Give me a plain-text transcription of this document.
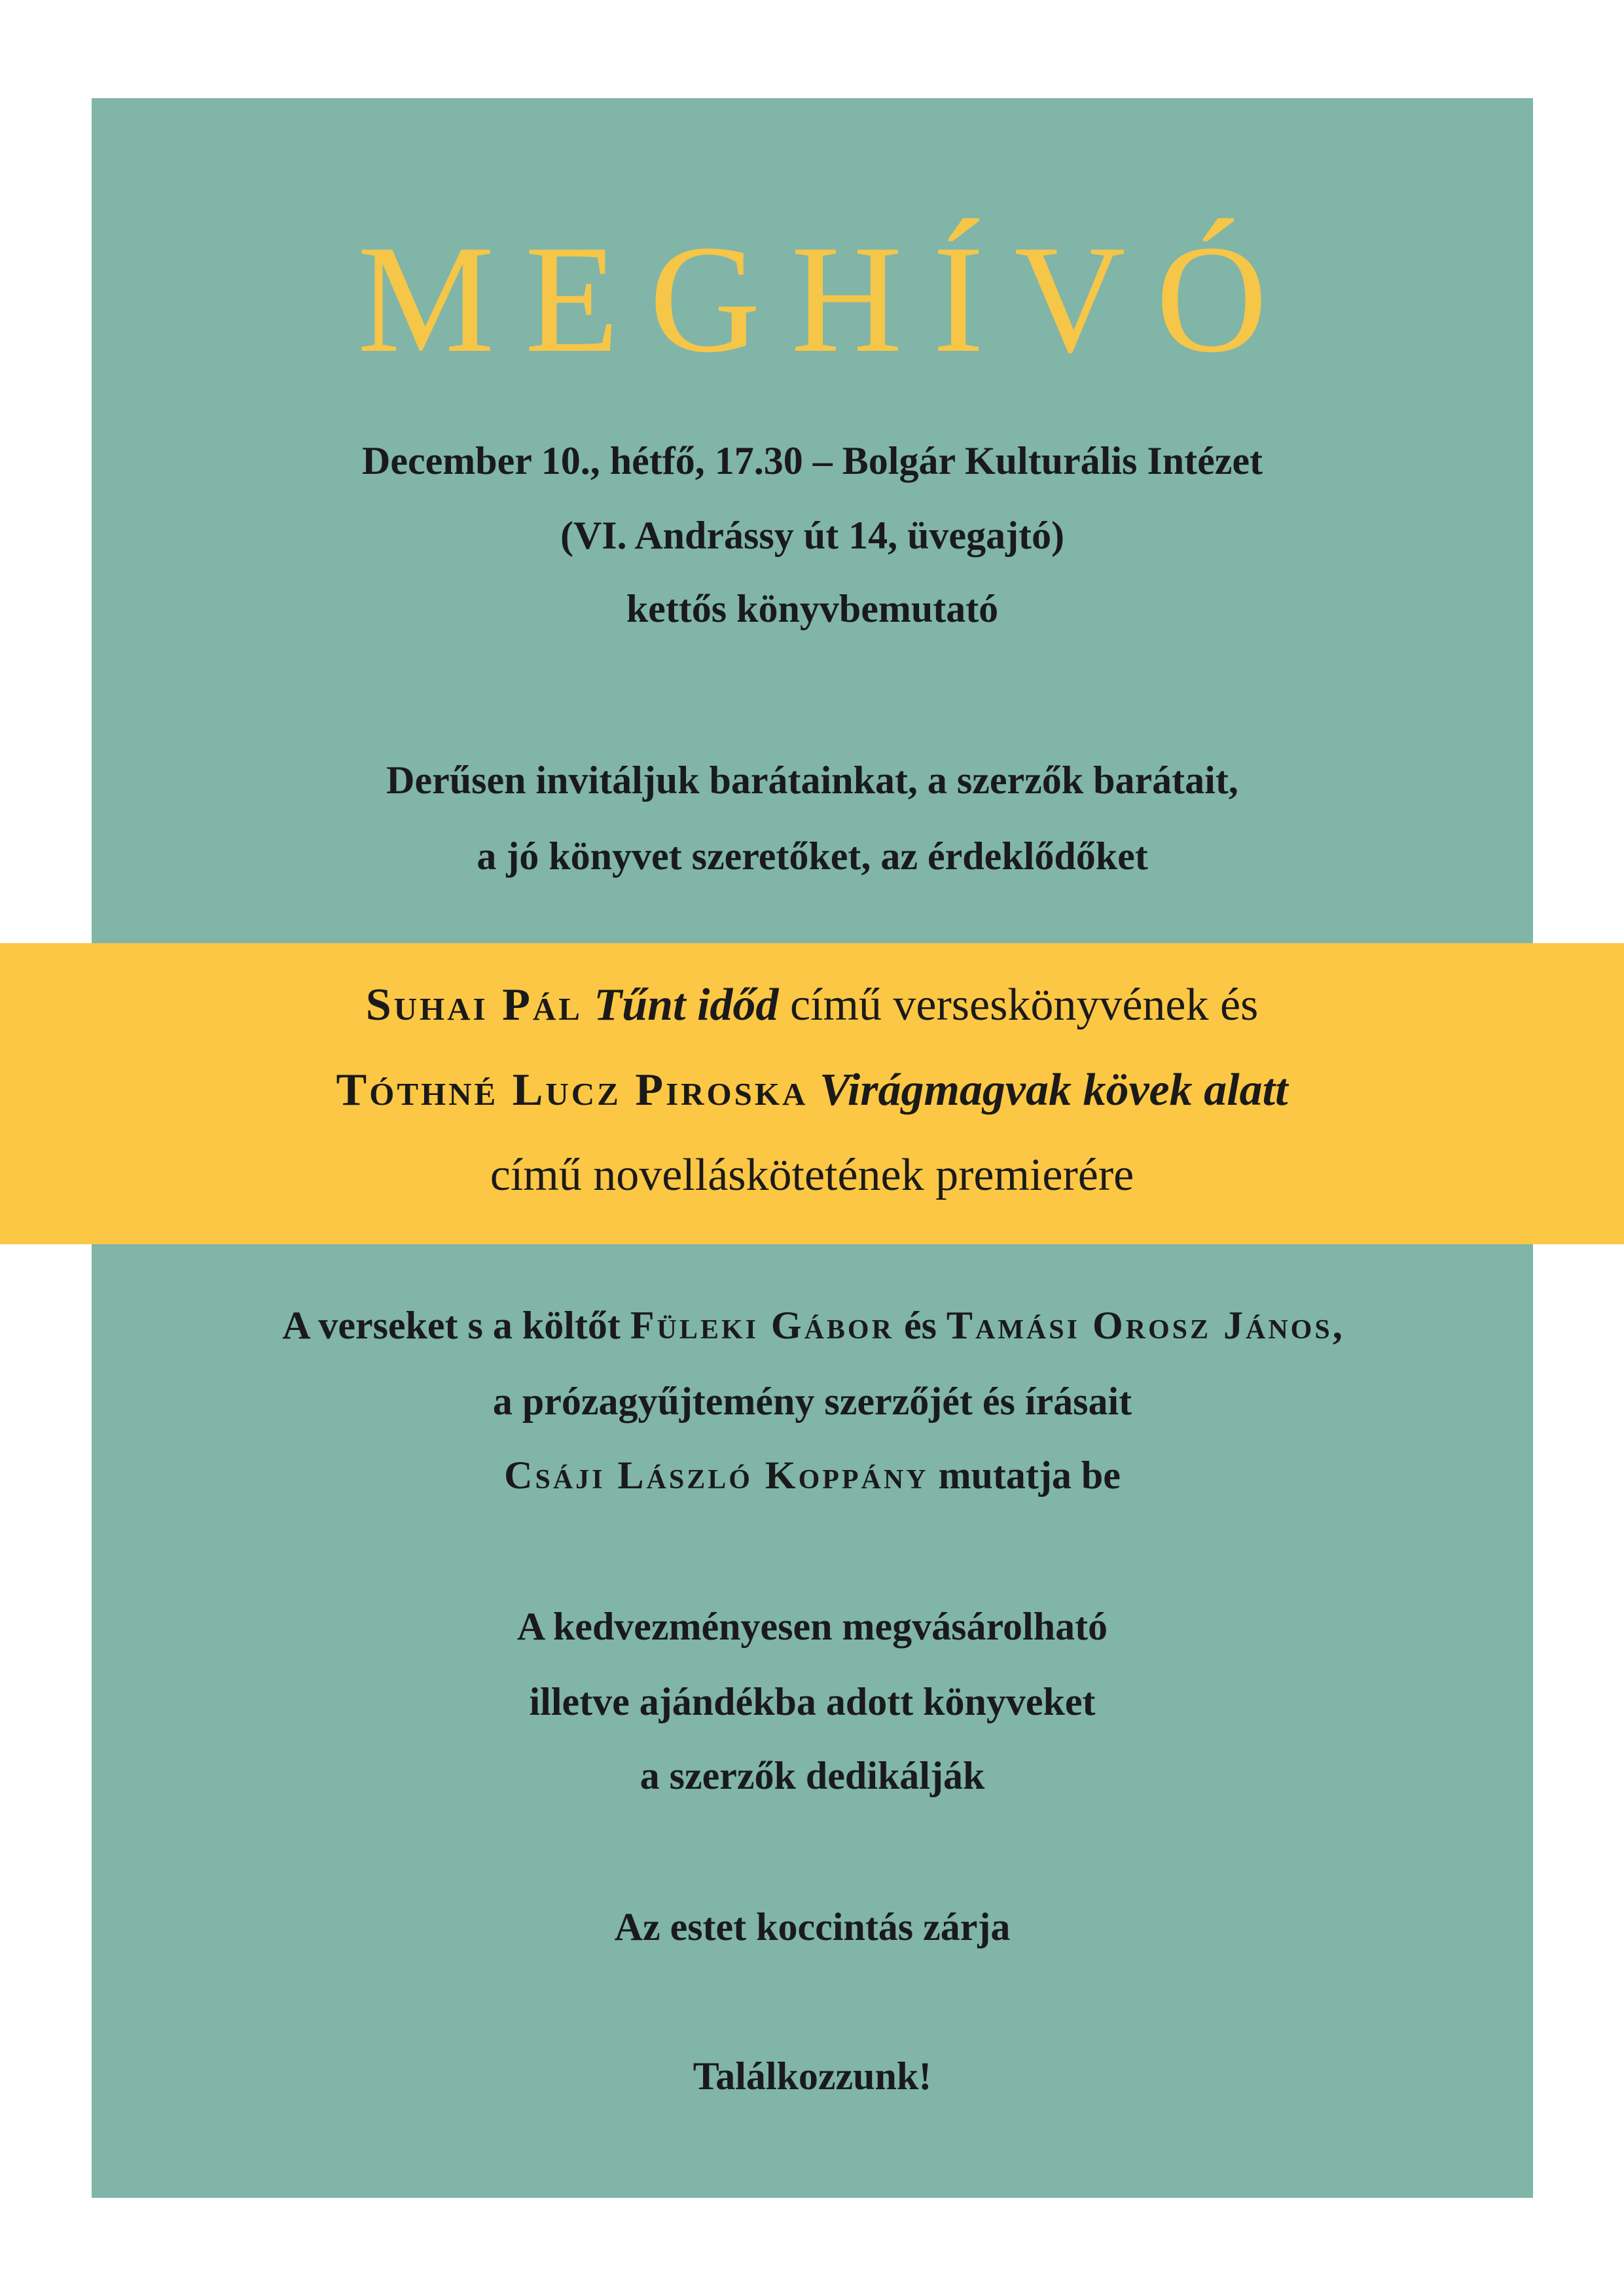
MEGHÍVÓ
December 10., hétfő, 17.30 – Bolgár Kulturális Intézet
(VI. Andrássy út 14, üvegajtó)
kettős könyvbemutató
Derűsen invitáljuk barátainkat, a szerzők barátait,
a jó könyvet szeretőket, az érdeklődőket
A verseket s a költőt Füleki Gábor és Tamási Orosz János,
a prózagyűjtemény szerzőjét és írásait
Csáji László Koppány mutatja be
A kedvezményesen megvásárolható
illetve ajándékba adott könyveket
a szerzők dedikálják
Az estet koccintás zárja
Találkozzunk!
Suhai Pál Tűnt időd című verseskönyvének és
Tóthné Lucz Piroska Virágmagvak kövek alatt
című novelláskötetének premierére
